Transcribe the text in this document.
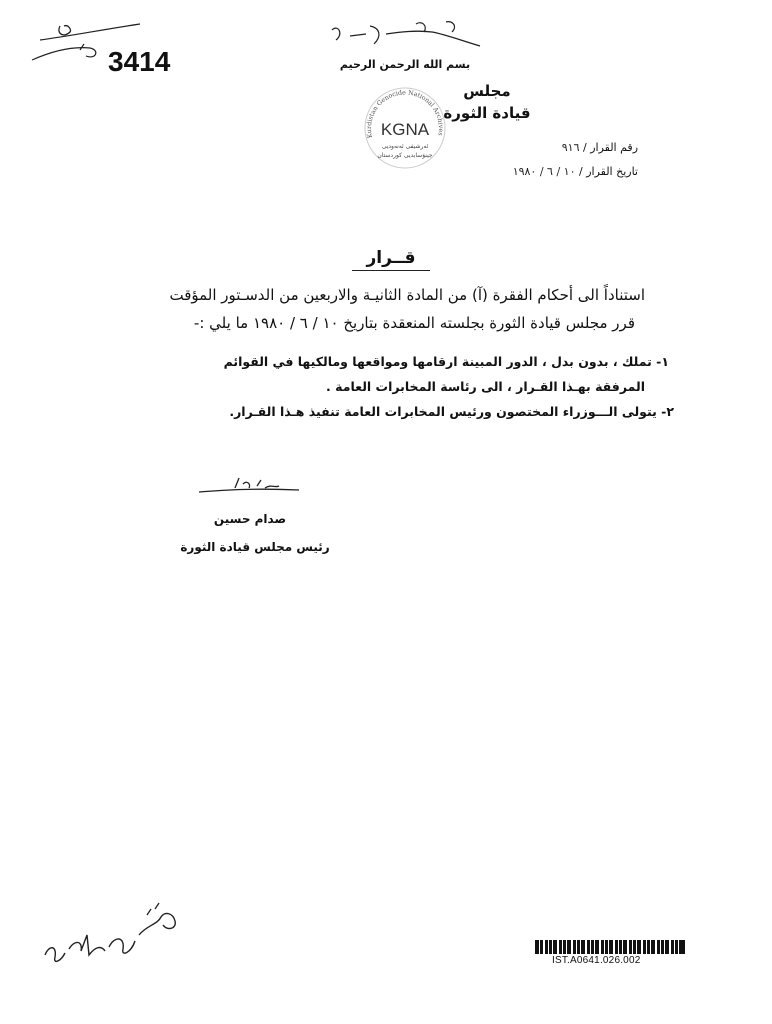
3414	بسم الله الرحمن الرحيم
Kurdistan Genocide National Archives
KGNA
ئەرشیفی ئەنەودیی
جینۆسایدیی کوردستان
مجلس
قيادة الثورة
رقم القرار / ٩١٦
تاريخ القرار / ١٠ / ٦ / ١٩٨٠
قــرار
استناداً الى أحكام الفقرة (آ) من المادة الثانيـة والاربعين من الدسـتور المؤقت
قرر مجلس قيادة الثورة بجلسته المنعقدة بتاريخ ١٠ / ٦ / ١٩٨٠ ما يلي :-
١- تملك ، بدون بدل ، الدور المبينة ارقامها ومواقعها ومالكيها في القوائم
المرفقة بهـذا القـرار ، الى رئاسة المخابرات العامة .
٢- يتولى الـــوزراء المختصون ورئيس المخابرات العامة تنفيذ هـذا القـرار.
صدام حسين
رئيس مجلس قيادة الثورة
IST.A0641.026.002
